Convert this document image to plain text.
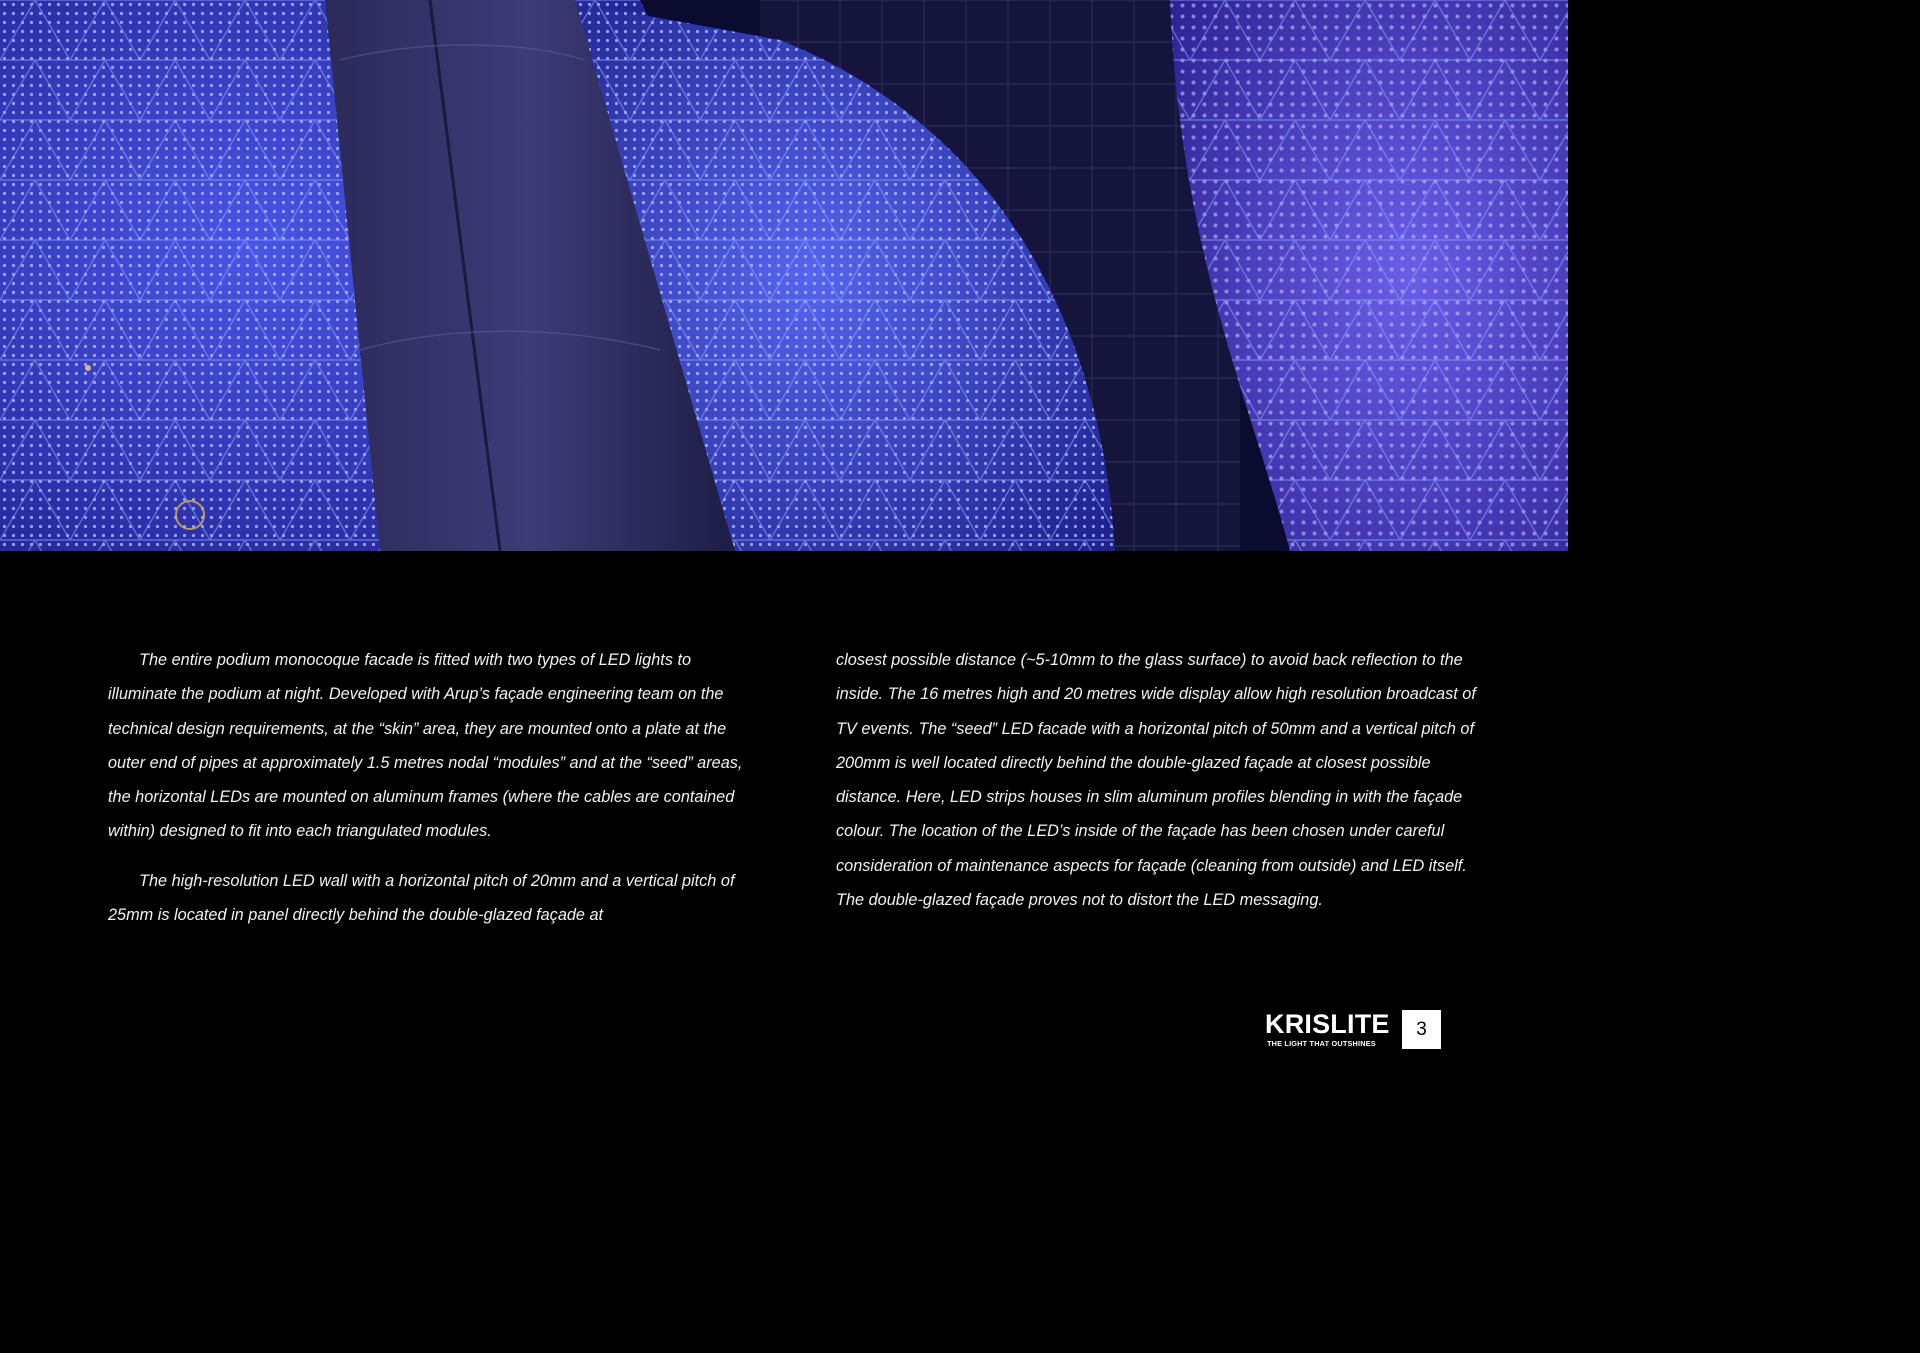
The entire podium monocoque facade is fitted with two types of LED lights to illuminate the podium at night. Developed with Arup’s façade engineering team on the technical design requirements, at the “skin” area, they are mounted onto a plate at the outer end of pipes at approximately 1.5 metres nodal “modules” and at the “seed” areas, the horizontal LEDs are mounted on aluminum frames (where the cables are contained within) designed to fit into each triangulated modules.

The high-resolution LED wall with a horizontal pitch of 20mm and a vertical pitch of 25mm is located in panel directly behind the double-glazed façade at

closest possible distance (~5-10mm to the glass surface) to avoid back reflection to the inside. The 16 metres high and 20 metres wide display allow high resolution broadcast of TV events. The “seed” LED facade with a horizontal pitch of 50mm and a vertical pitch of 200mm is well located directly behind the double-glazed façade at closest possible distance. Here, LED strips houses in slim aluminum profiles blending in with the façade colour. The location of the LED’s inside of the façade has been chosen under careful consideration of maintenance aspects for façade (cleaning from outside) and LED itself. The double-glazed façade proves not to distort the LED messaging.

KRISLITE
THE LIGHT THAT OUTSHINES
3
